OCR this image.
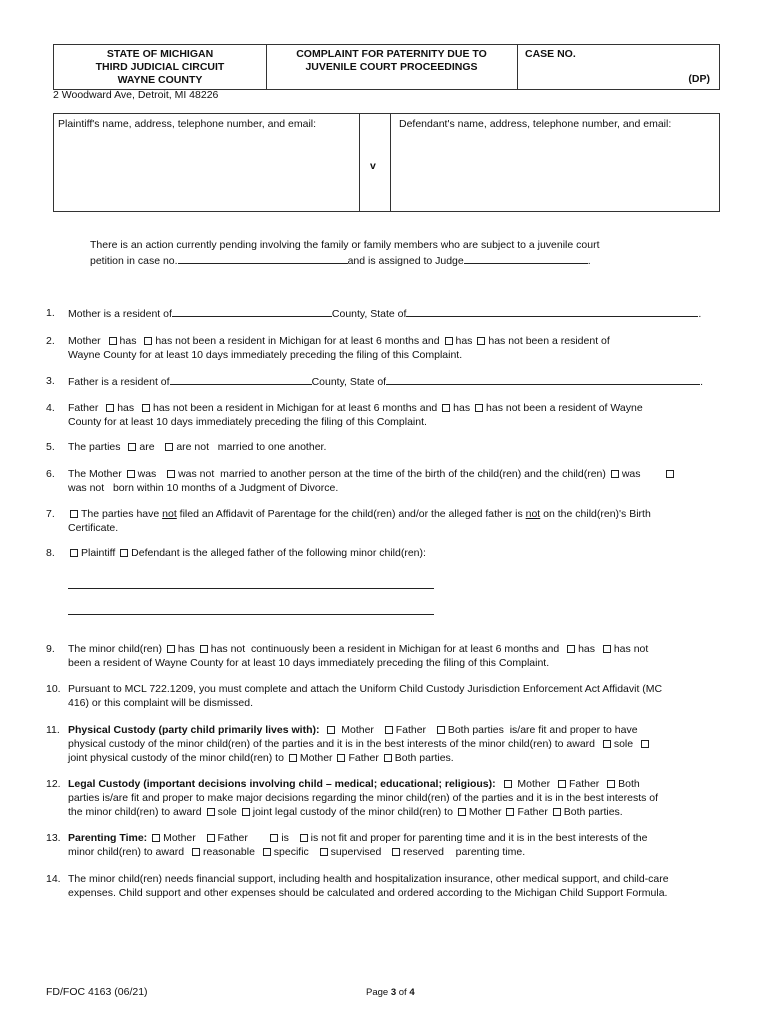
STATE OF MICHIGAN
THIRD JUDICIAL CIRCUIT
WAYNE COUNTY
COMPLAINT FOR PATERNITY DUE TO
JUVENILE COURT PROCEEDINGS
CASE NO.
(DP)
2 Woodward Ave, Detroit, MI 48226
Plaintiff's name, address, telephone number, and email:
v
Defendant's name, address, telephone number, and email:
There is an action currently pending involving the family or family members who are subject to a juvenile court
petition in case no.	and is assigned to Judge	.
1. Mother is a resident of	County, State of	.
2. Mother has has not been a resident in Michigan for at least 6 months and has has not been a resident of
Wayne County for at least 10 days immediately preceding the filing of this Complaint.
3. Father is a resident of	County, State of	.
4. Father has has not been a resident in Michigan for at least 6 months and has has not been a resident of Wayne
County for at least 10 days immediately preceding the filing of this Complaint.
5. The parties are are not married to one another.
6. The Mother was was not married to another person at the time of the birth of the child(ren) and the child(ren) was
was not born within 10 months of a Judgment of Divorce.
7.	The parties have not filed an Affidavit of Parentage for the child(ren) and/or the alleged father is not on the child(ren)'s Birth
Certificate.
8.	Plaintiff Defendant is the alleged father of the following minor child(ren):
9. The minor child(ren) has has not continuously been a resident in Michigan for at least 6 months and has has not
been a resident of Wayne County for at least 10 days immediately preceding the filing of this Complaint.
10. Pursuant to MCL 722.1209, you must complete and attach the Uniform Child Custody Jurisdiction Enforcement Act Affidavit (MC
416) or this complaint will be dismissed.
11. Physical Custody (party child primarily lives with): Mother Father Both parties is/are fit and proper to have
physical custody of the minor child(ren) of the parties and it is in the best interests of the minor child(ren) to award sole
joint physical custody of the minor child(ren) to Mother Father Both parties.
12. Legal Custody (important decisions involving child – medical; educational; religious): Mother Father Both
parties is/are fit and proper to make major decisions regarding the minor child(ren) of the parties and it is in the best interests of
the minor child(ren) to award sole joint legal custody of the minor child(ren) to Mother Father Both parties.
13. Parenting Time: Mother Father	is is not fit and proper for parenting time and it is in the best interests of the
minor child(ren) to award reasonable specific supervised reserved parenting time.
14. The minor child(ren) needs financial support, including health and hospitalization insurance, other medical support, and child-care
expenses. Child support and other expenses should be calculated and ordered according to the Michigan Child Support Formula.
FD/FOC 4163 (06/21)	Page 3 of 4
